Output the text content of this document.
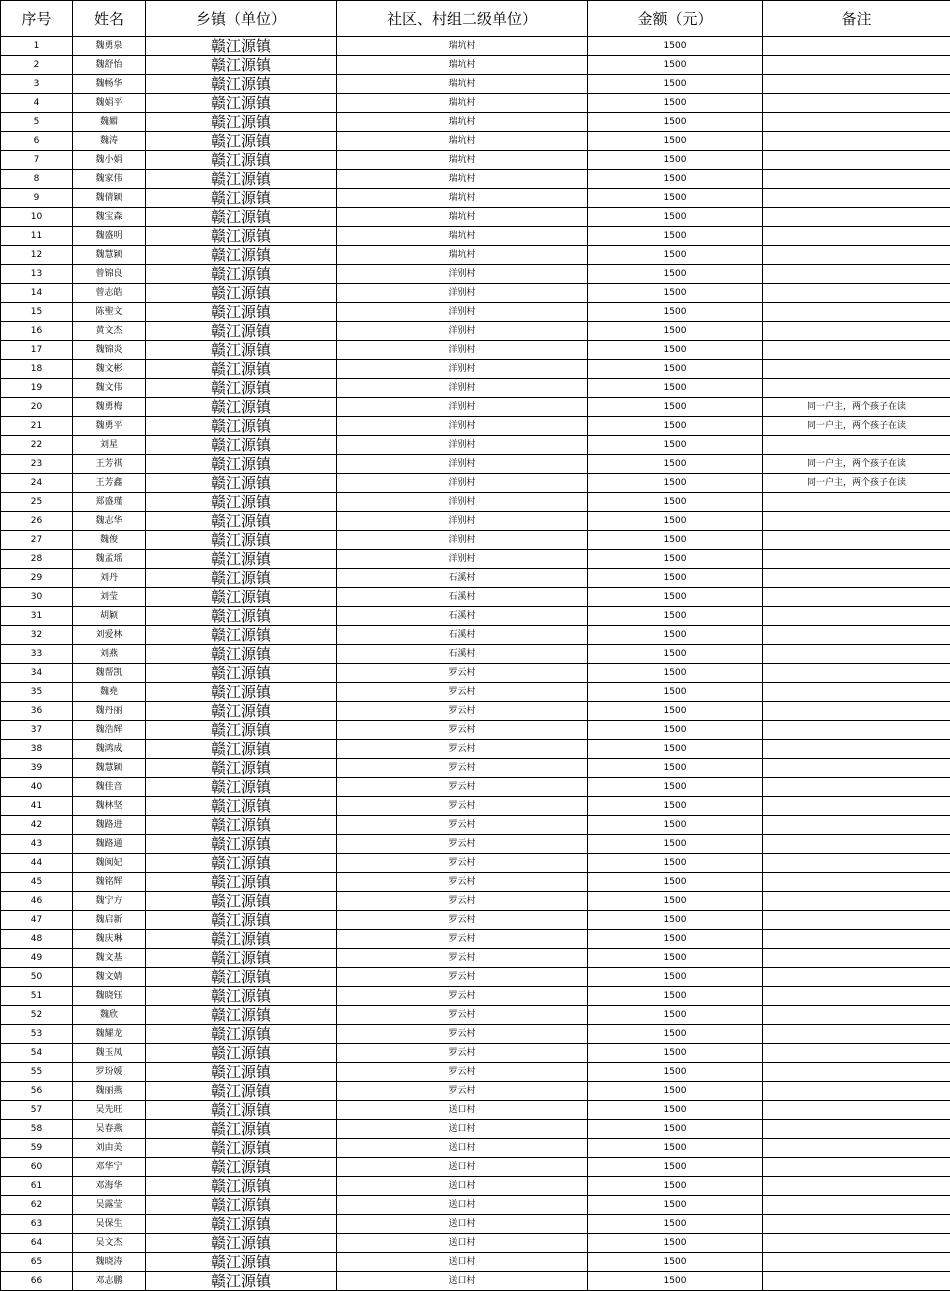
序号	姓名	乡镇（单位）	社区、村组二级单位）	金额（元）	备注
1	魏勇泉	赣江源镇	瑞坑村	1500	
2	魏舒怡	赣江源镇	瑞坑村	1500	
3	魏畅华	赣江源镇	瑞坑村	1500	
4	魏娟平	赣江源镇	瑞坑村	1500	
5	魏媚	赣江源镇	瑞坑村	1500	
6	魏涛	赣江源镇	瑞坑村	1500	
7	魏小娟	赣江源镇	瑞坑村	1500	
8	魏家伟	赣江源镇	瑞坑村	1500	
9	魏倩颖	赣江源镇	瑞坑村	1500	
10	魏宝森	赣江源镇	瑞坑村	1500	
11	魏盛明	赣江源镇	瑞坑村	1500	
12	魏慧颖	赣江源镇	瑞坑村	1500	
13	曾锦良	赣江源镇	洋别村	1500	
14	曾志皓	赣江源镇	洋别村	1500	
15	陈聖文	赣江源镇	洋别村	1500	
16	黄文杰	赣江源镇	洋别村	1500	
17	魏锦炎	赣江源镇	洋别村	1500	
18	魏文彬	赣江源镇	洋别村	1500	
19	魏文伟	赣江源镇	洋别村	1500	
20	魏勇梅	赣江源镇	洋别村	1500	同一户主，两个孩子在读
21	魏勇平	赣江源镇	洋别村	1500	同一户主，两个孩子在读
22	刘星	赣江源镇	洋别村	1500	
23	王芳祺	赣江源镇	洋别村	1500	同一户主，两个孩子在读
24	王芳鑫	赣江源镇	洋别村	1500	同一户主，两个孩子在读
25	郑盛瑾	赣江源镇	洋别村	1500	
26	魏志华	赣江源镇	洋别村	1500	
27	魏俊	赣江源镇	洋别村	1500	
28	魏孟瑶	赣江源镇	洋别村	1500	
29	刘丹	赣江源镇	石溪村	1500	
30	刘莹	赣江源镇	石溪村	1500	
31	胡颖	赣江源镇	石溪村	1500	
32	刘爱林	赣江源镇	石溪村	1500	
33	刘燕	赣江源镇	石溪村	1500	
34	魏帮凯	赣江源镇	罗云村	1500	
35	魏堯	赣江源镇	罗云村	1500	
36	魏丹丽	赣江源镇	罗云村	1500	
37	魏浩辉	赣江源镇	罗云村	1500	
38	魏鸿成	赣江源镇	罗云村	1500	
39	魏慧颖	赣江源镇	罗云村	1500	
40	魏佳音	赣江源镇	罗云村	1500	
41	魏林坚	赣江源镇	罗云村	1500	
42	魏路进	赣江源镇	罗云村	1500	
43	魏路通	赣江源镇	罗云村	1500	
44	魏闽妃	赣江源镇	罗云村	1500	
45	魏铭辉	赣江源镇	罗云村	1500	
46	魏宁方	赣江源镇	罗云村	1500	
47	魏启新	赣江源镇	罗云村	1500	
48	魏庆琳	赣江源镇	罗云村	1500	
49	魏文基	赣江源镇	罗云村	1500	
50	魏文婧	赣江源镇	罗云村	1500	
51	魏晓钰	赣江源镇	罗云村	1500	
52	魏欣	赣江源镇	罗云村	1500	
53	魏耀龙	赣江源镇	罗云村	1500	
54	魏玉凤	赣江源镇	罗云村	1500	
55	罗玢媛	赣江源镇	罗云村	1500	
56	魏丽燕	赣江源镇	罗云村	1500	
57	吴先旺	赣江源镇	送口村	1500	
58	吴春燕	赣江源镇	送口村	1500	
59	刘由美	赣江源镇	送口村	1500	
60	邓华宁	赣江源镇	送口村	1500	
61	邓海华	赣江源镇	送口村	1500	
62	吴露莹	赣江源镇	送口村	1500	
63	吴保生	赣江源镇	送口村	1500	
64	吴文杰	赣江源镇	送口村	1500	
65	魏晓涛	赣江源镇	送口村	1500	
66	邓志鹏	赣江源镇	送口村	1500	
